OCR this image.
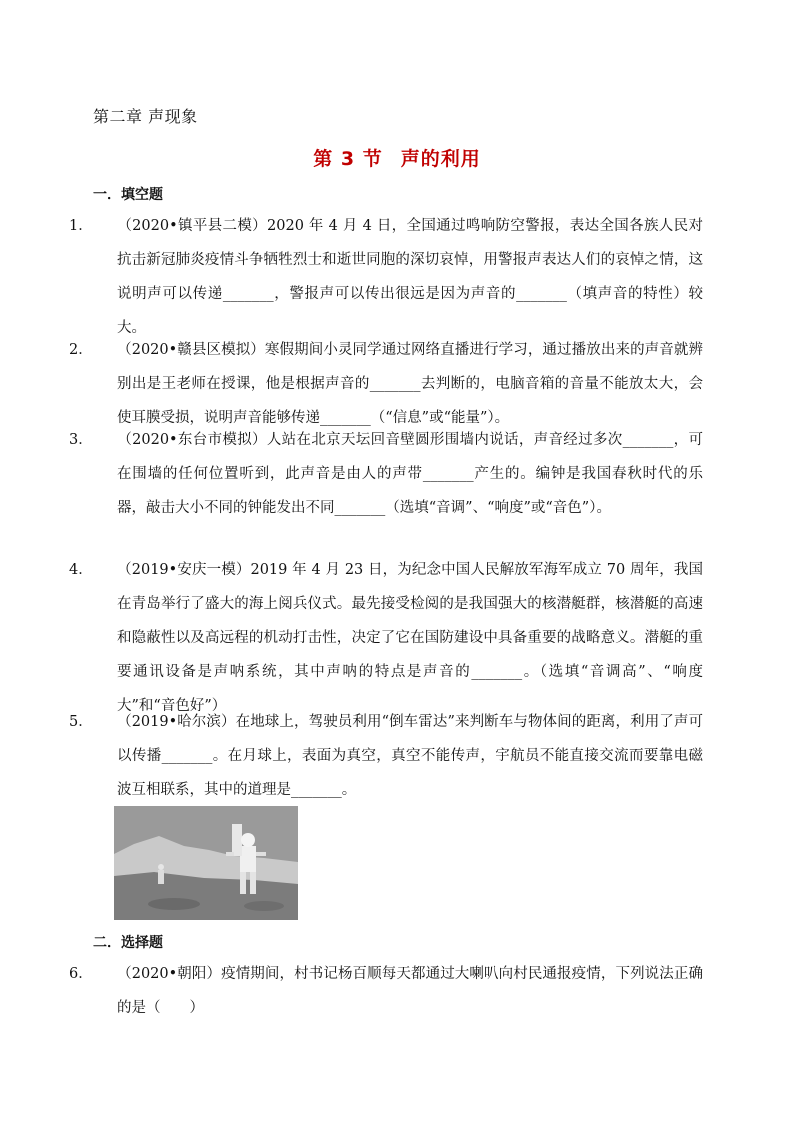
第二章 声现象
第 3 节 声的利用
一．填空题

1． （2020•镇平县二模）2020 年 4 月 4 日，全国通过鸣响防空警报，表达全国各族人民对抗击新冠肺炎疫情斗争牺牲烈士和逝世同胞的深切哀悼，用警报声表达人们的哀悼之情，这说明声可以传递_______，警报声可以传出很远是因为声音的_______（填声音的特性）较大。

2． （2020•赣县区模拟）寒假期间小灵同学通过网络直播进行学习，通过播放出来的声音就辨别出是王老师在授课，他是根据声音的_______去判断的，电脑音箱的音量不能放太大，会使耳膜受损，说明声音能够传递_______（“信息”或“能量”）。

3． （2020•东台市模拟）人站在北京天坛回音壁圆形围墙内说话，声音经过多次_______，可在围墙的任何位置听到，此声音是由人的声带_______产生的。编钟是我国春秋时代的乐器，敲击大小不同的钟能发出不同_______（选填“音调”、“响度”或“音色”）。

4． （2019•安庆一模）2019 年 4 月 23 日，为纪念中国人民解放军海军成立 70 周年，我国在青岛举行了盛大的海上阅兵仪式。最先接受检阅的是我国强大的核潜艇群，核潜艇的高速和隐蔽性以及高远程的机动打击性，决定了它在国防建设中具备重要的战略意义。潜艇的重要通讯设备是声呐系统，其中声呐的特点是声音的_______。（选填“音调高”、“响度大”和“音色好”）

5． （2019•哈尔滨）在地球上，驾驶员利用“倒车雷达”来判断车与物体间的距离，利用了声可以传播_______。在月球上，表面为真空，真空不能传声，宇航员不能直接交流而要靠电磁波互相联系，其中的道理是_______。

二．选择题

6． （2020•朝阳）疫情期间，村书记杨百顺每天都通过大喇叭向村民通报疫情，下列说法正确的是（　　）
